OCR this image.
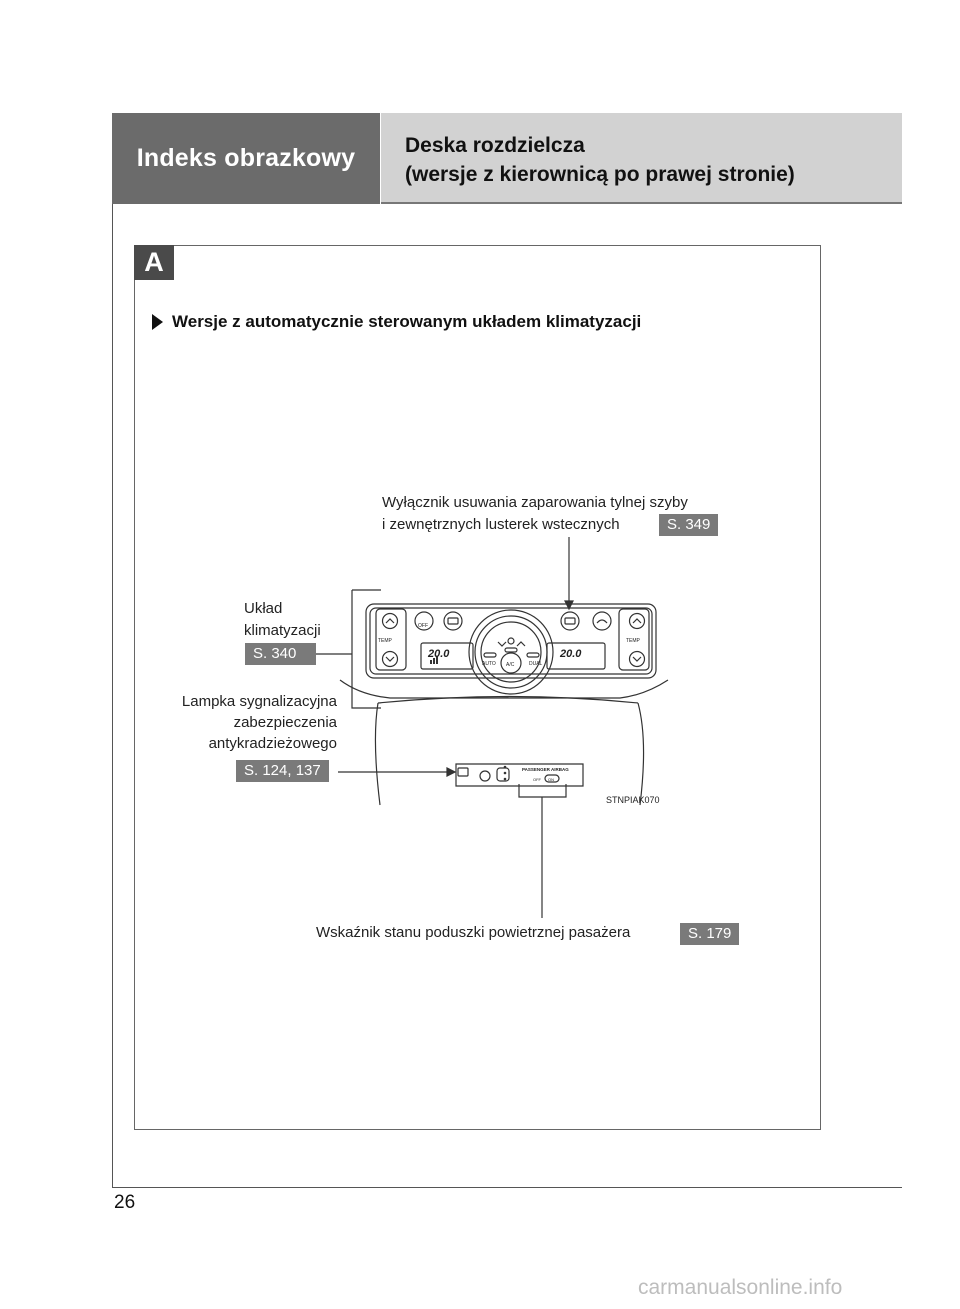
Indeks obrazkowy Deska rozdzielcza
(wersje z kierownicą po prawej stronie)
A
Wersje z automatycznie sterowanym układem klimatyzacji
Wyłącznik usuwania zaparowania tylnej szyby
i zewnętrznych lusterek wstecznych	S. 349
Układ
klimatyzacji
S. 340
Lampka sygnalizacyjna
zabezpieczenia
antykradzieżowego
S. 124, 137
Wskaźnik stanu poduszki powietrznej pasażera	S. 179
TEMP	TEMP
OFF
20.0	20.0
AUTO A/C	DUAL
PASSENGER AIRBAG
OFF ON
STNPIAK070
26
carmanualsonline.info
